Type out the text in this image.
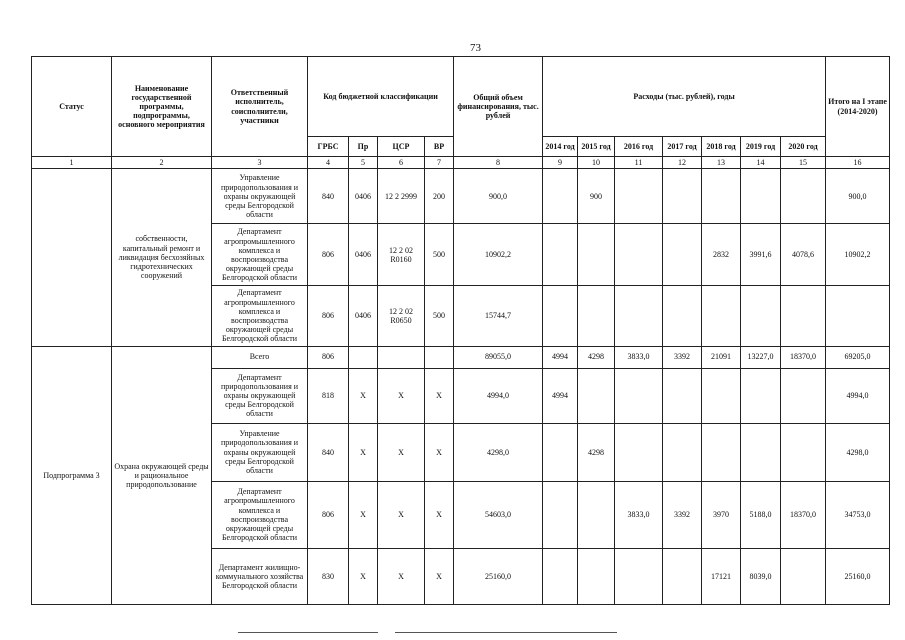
73
Статус	Наименование государственной программы, подпрограммы, основного мероприятия	Ответственный исполнитель, соисполнители, участники	Код бюджетной классификации				Общий объем финансирования, тыс. рублей	Расходы (тыс. рублей), годы							Итого на I этапе (2014-2020)
			ГРБС	Пр	ЦСР	ВР		2014 год	2015 год	2016 год	2017 год	2018 год	2019 год	2020 год	
1	2	3	4	5	6	7	8	9	10	11	12	13	14	15	16
	собственности, капитальный ремонт и ликвидация бесхозяйных гидротехнических сооружений	Управление природопользования и охраны окружающей среды Белгородской области	840	0406	12 2 2999	200	900,0		900						900,0
		Департамент агропромышленного комплекса и воспроизводства окружающей среды Белгородской области	806	0406	12 2 02 R0160	500	10902,2					2832	3991,6	4078,6	10902,2
		Департамент агропромышленного комплекса и воспроизводства окружающей среды Белгородской области	806	0406	12 2 02 R0650	500	15744,7								
Подпрограмма 3	Охрана окружающей среды и рациональное природопользование	Всего	806				89055,0	4994	4298	3833,0	3392	21091	13227,0	18370,0	69205,0
		Департамент природопользования и охраны окружающей среды Белгородской области	818	Х	Х	Х	4994,0	4994							4994,0
		Управление природопользования и охраны окружающей среды Белгородской области	840	Х	Х	Х	4298,0		4298						4298,0
		Департамент агропромышленного комплекса и воспроизводства окружающей среды Белгородской области	806	Х	Х	Х	54603,0			3833,0	3392	3970	5188,0	18370,0	34753,0
		Департамент жилищно-коммунального хозяйства Белгородской области	830	Х	Х	Х	25160,0					17121	8039,0		25160,0
